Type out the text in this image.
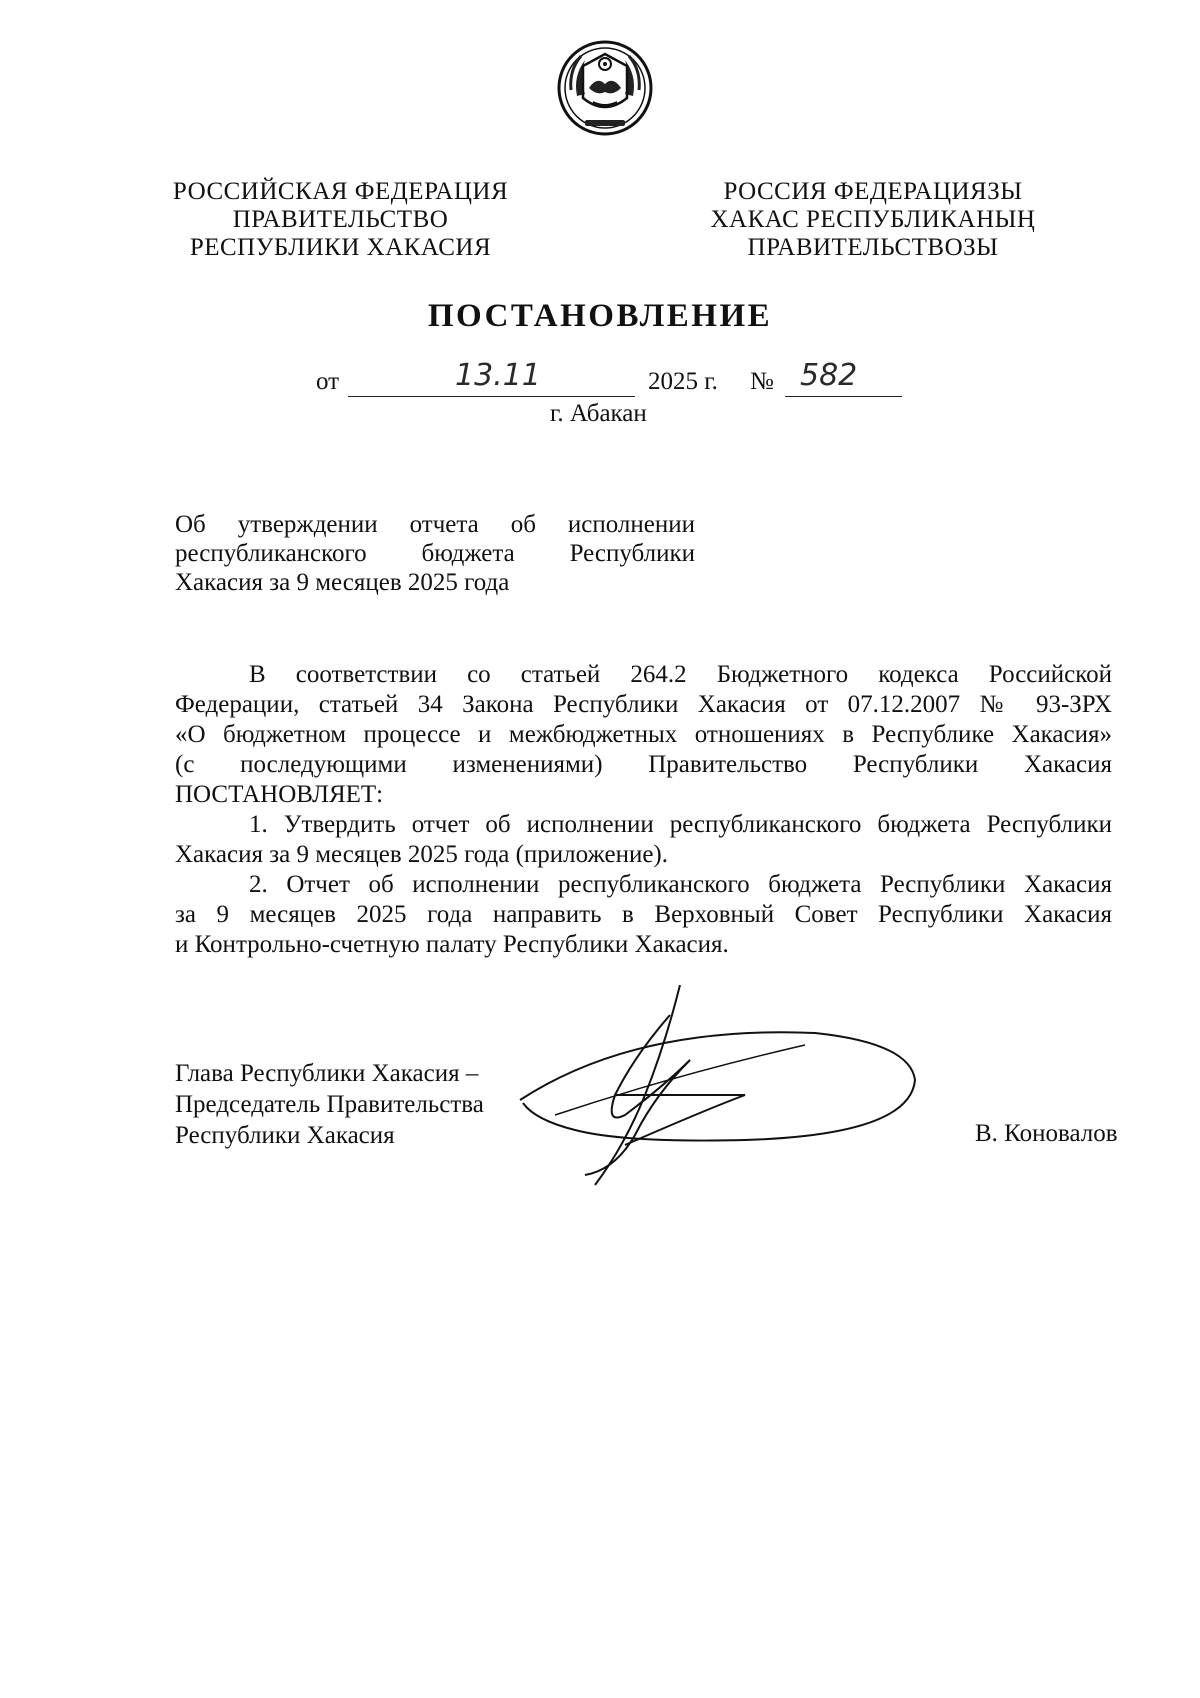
РОССИЙСКАЯ ФЕДЕРАЦИЯ
ПРАВИТЕЛЬСТВО
РЕСПУБЛИКИ ХАКАСИЯ
РОССИЯ ФЕДЕРАЦИЯЗЫ
ХАКАС РЕСПУБЛИКАНЫҢ
ПРАВИТЕЛЬСТВОЗЫ
ПОСТАНОВЛЕНИЕ
от	13.11	2025 г. № 582
г. Абакан
Об утверждении отчета об исполнении
республиканского бюджета Республики
Хакасия за 9 месяцев 2025 года
В соответствии со статьей 264.2 Бюджетного кодекса Российской
Федерации, статьей 34 Закона Республики Хакасия от 07.12.2007 № 93-ЗРХ
«О бюджетном процессе и межбюджетных отношениях в Республике Хакасия»
(с последующими изменениями) Правительство Республики Хакасия
ПОСТАНОВЛЯЕТ:
1. Утвердить отчет об исполнении республиканского бюджета Республики
Хакасия за 9 месяцев 2025 года (приложение).
2. Отчет об исполнении республиканского бюджета Республики Хакасия
за 9 месяцев 2025 года направить в Верховный Совет Республики Хакасия
и Контрольно-счетную палату Республики Хакасия.
Глава Республики Хакасия –
Председатель Правительства
Республики Хакасия	В. Коновалов
